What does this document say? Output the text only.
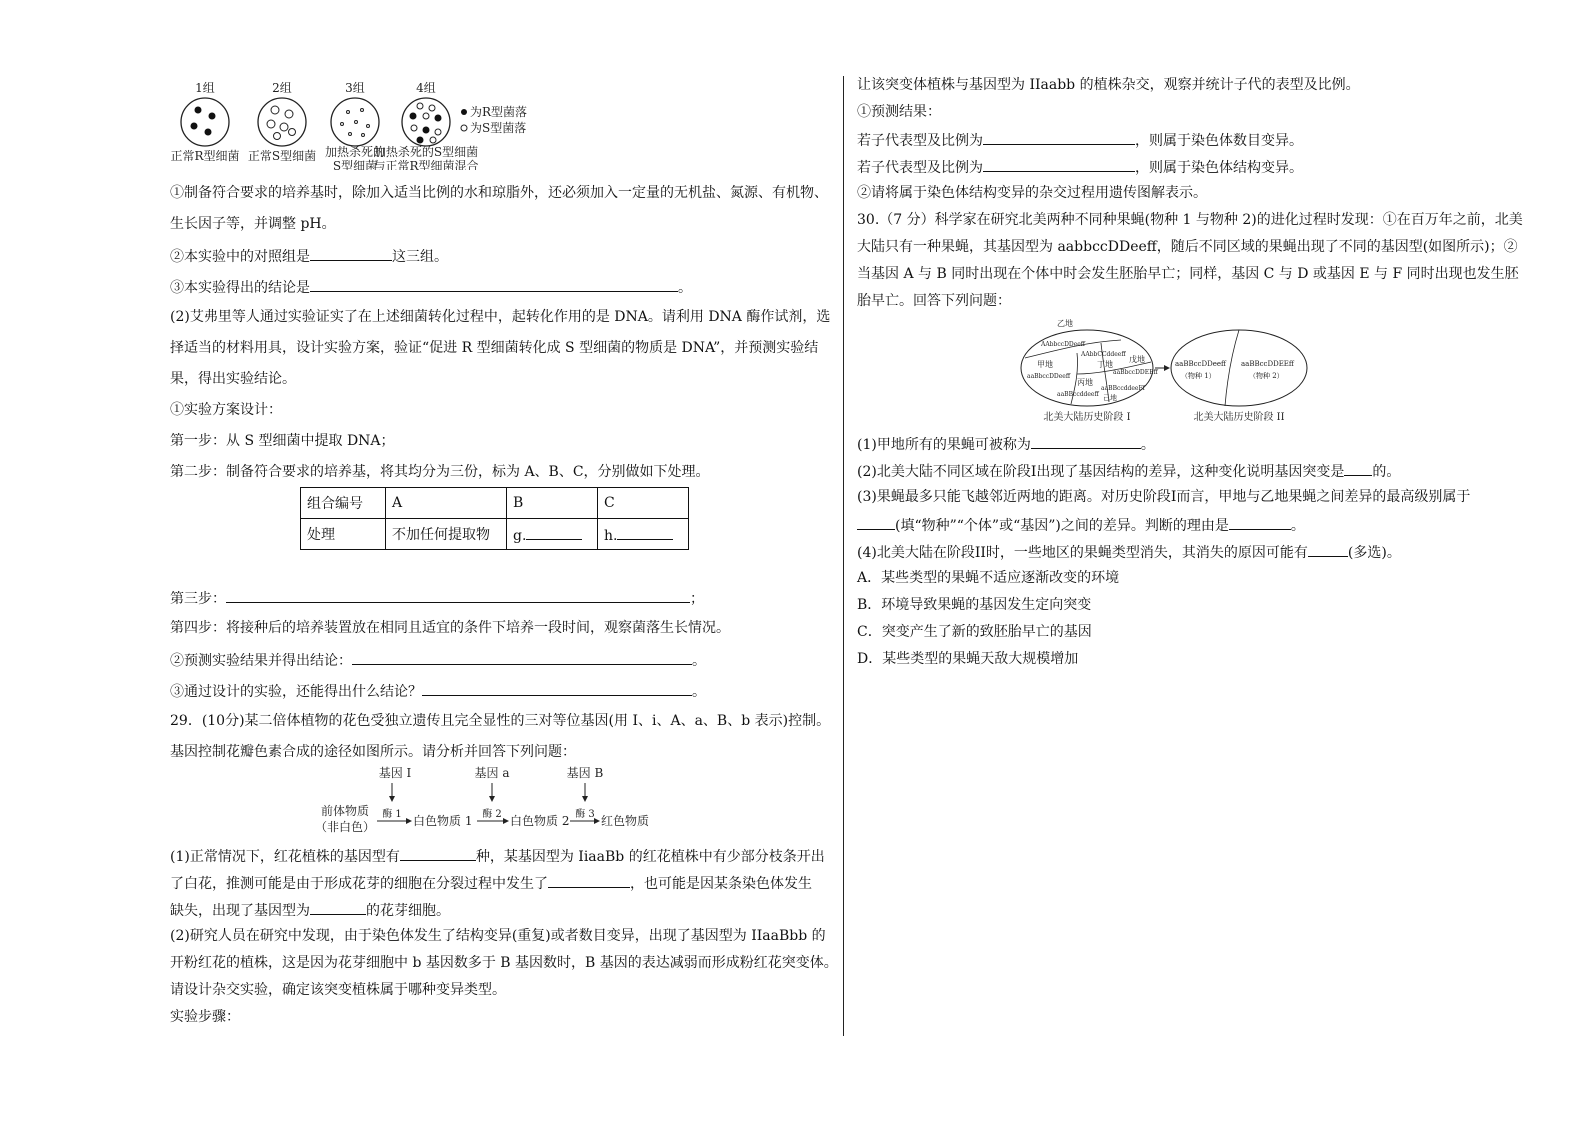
1组	2组	3组	4组
为R型菌落
为S型菌落
正常R型细菌 正常S型细菌 加热杀死的
S型细菌
加热杀死的S型细菌
与正常R型细菌混合
①制备符合要求的培养基时，除加入适当比例的水和琼脂外，还必须加入一定量的无机盐、氮源、有机物、
生长因子等，并调整 pH。
②本实验中的对照组是	这三组。
③本实验得出的结论是	。
(2)艾弗里等人通过实验证实了在上述细菌转化过程中，起转化作用的是 DNA。请利用 DNA 酶作试剂，选
择适当的材料用具，设计实验方案，验证“促进 R 型细菌转化成 S 型细菌的物质是 DNA”，并预测实验结
果，得出实验结论。
①实验方案设计：
第一步：从 S 型细菌中提取 DNA；
第二步：制备符合要求的培养基，将其均分为三份，标为 A、B、C，分别做如下处理。
组合编号	A	B	C
处理	不加任何提取物	g.	h.
第三步：	；
第四步：将接种后的培养装置放在相同且适宜的条件下培养一段时间，观察菌落生长情况。
②预测实验结果并得出结论：	。
③通过设计的实验，还能得出什么结论？	。
29．(10分)某二倍体植物的花色受独立遗传且完全显性的三对等位基因(用 I、i、A、a、B、b 表示)控制。
基因控制花瓣色素合成的途径如图所示。请分析并回答下列问题：
基因 I	基因 a	基因 B
前体物质
（非白色）
酶 1 白色物质 1 酶 2 白色物质 2 酶 3 红色物质
(1)正常情况下，红花植株的基因型有	种，某基因型为 IiaaBb 的红花植株中有少部分枝条开出
了白花，推测可能是由于形成花芽的细胞在分裂过程中发生了	，也可能是因某条染色体发生
缺失，出现了基因型为	的花芽细胞。
(2)研究人员在研究中发现，由于染色体发生了结构变异(重复)或者数目变异，出现了基因型为 IIaaBbb 的
开粉红花的植株，这是因为花芽细胞中 b 基因数多于 B 基因数时，B 基因的表达减弱而形成粉红花突变体。
请设计杂交实验，确定该突变植株属于哪种变异类型。
实验步骤：
让该突变体植株与基因型为 IIaabb 的植株杂交，观察并统计子代的表型及比例。
①预测结果：
若子代表型及比例为	，则属于染色体数目变异。
若子代表型及比例为	，则属于染色体结构变异。
②请将属于染色体结构变异的杂交过程用遗传图解表示。
30.（7 分）科学家在研究北美两种不同种果蝇(物种 1 与物种 2)的进化过程时发现：①在百万年之前，北美
大陆只有一种果蝇，其基因型为 aabbccDDeeff，随后不同区域的果蝇出现了不同的基因型(如图所示)；②
当基因 A 与 B 同时出现在个体中时会发生胚胎早亡；同样，基因 C 与 D 或基因 E 与 F 同时出现也发生胚
胎早亡。回答下列问题：
乙地
AAbbccDDeeff
AAbbCCddeeff
甲地
aaBbccDDeeff
丁地
戊地
aaBbccDDEEff
丙地
aaBBccddeeff
aaBBccddeeFf
己地
aaBBccDDeeff
（物种 1）
aaBBccDDEEff
（物种 2）
北美大陆历史阶段 I	北美大陆历史阶段 II
(1)甲地所有的果蝇可被称为	。
(2)北美大陆不同区域在阶段I出现了基因结构的差异，这种变化说明基因突变是 的。
(3)果蝇最多只能飞越邻近两地的距离。对历史阶段I而言，甲地与乙地果蝇之间差异的最高级别属于
(填“物种”“个体”或“基因”)之间的差异。判断的理由是	。
(4)北美大陆在阶段II时，一些地区的果蝇类型消失，其消失的原因可能有	(多选)。
A．某些类型的果蝇不适应逐渐改变的环境
B．环境导致果蝇的基因发生定向突变
C．突变产生了新的致胚胎早亡的基因
D．某些类型的果蝇天敌大规模增加
